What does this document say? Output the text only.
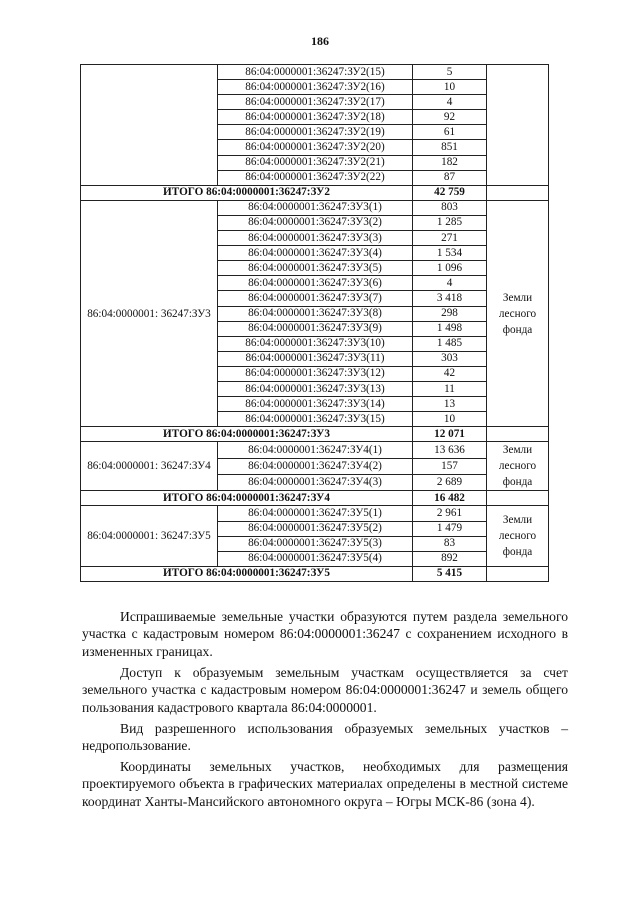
186
	86:04:0000001:36247:ЗУ2(15)	5	
	86:04:0000001:36247:ЗУ2(16)	10	
	86:04:0000001:36247:ЗУ2(17)	4	
	86:04:0000001:36247:ЗУ2(18)	92	
	86:04:0000001:36247:ЗУ2(19)	61	
	86:04:0000001:36247:ЗУ2(20)	851	
	86:04:0000001:36247:ЗУ2(21)	182	
	86:04:0000001:36247:ЗУ2(22)	87	
ИТОГО 86:04:0000001:36247:ЗУ2		42 759	
86:04:0000001: 36247:ЗУ3	86:04:0000001:36247:ЗУ3(1)	803	Земли лесного фонда
	86:04:0000001:36247:ЗУ3(2)	1 285	
	86:04:0000001:36247:ЗУ3(3)	271	
	86:04:0000001:36247:ЗУ3(4)	1 534	
	86:04:0000001:36247:ЗУ3(5)	1 096	
	86:04:0000001:36247:ЗУ3(6)	4	
	86:04:0000001:36247:ЗУ3(7)	3 418	
	86:04:0000001:36247:ЗУ3(8)	298	
	86:04:0000001:36247:ЗУ3(9)	1 498	
	86:04:0000001:36247:ЗУ3(10)	1 485	
	86:04:0000001:36247:ЗУ3(11)	303	
	86:04:0000001:36247:ЗУ3(12)	42	
	86:04:0000001:36247:ЗУ3(13)	11	
	86:04:0000001:36247:ЗУ3(14)	13	
	86:04:0000001:36247:ЗУ3(15)	10	
ИТОГО 86:04:0000001:36247:ЗУ3		12 071	
86:04:0000001: 36247:ЗУ4	86:04:0000001:36247:ЗУ4(1)	13 636	Земли лесного фонда
	86:04:0000001:36247:ЗУ4(2)	157	
	86:04:0000001:36247:ЗУ4(3)	2 689	
ИТОГО 86:04:0000001:36247:ЗУ4		16 482	
86:04:0000001: 36247:ЗУ5	86:04:0000001:36247:ЗУ5(1)	2 961	Земли лесного фонда
	86:04:0000001:36247:ЗУ5(2)	1 479	
	86:04:0000001:36247:ЗУ5(3)	83	
	86:04:0000001:36247:ЗУ5(4)	892	
ИТОГО 86:04:0000001:36247:ЗУ5		5 415	

Испрашиваемые земельные участки образуются путем раздела земельного участка с кадастровым номером 86:04:0000001:36247 с сохранением исходного в измененных границах.

Доступ к образуемым земельным участкам осуществляется за счет земельного участка с кадастровым номером 86:04:0000001:36247 и земель общего пользования кадастрового квартала 86:04:0000001.

Вид разрешенного использования образуемых земельных участков – недропользование.

Координаты земельных участков, необходимых для размещения проектируемого объекта в графических материалах определены в местной системе координат Ханты-Мансийского автономного округа – Югры МСК-86 (зона 4).
